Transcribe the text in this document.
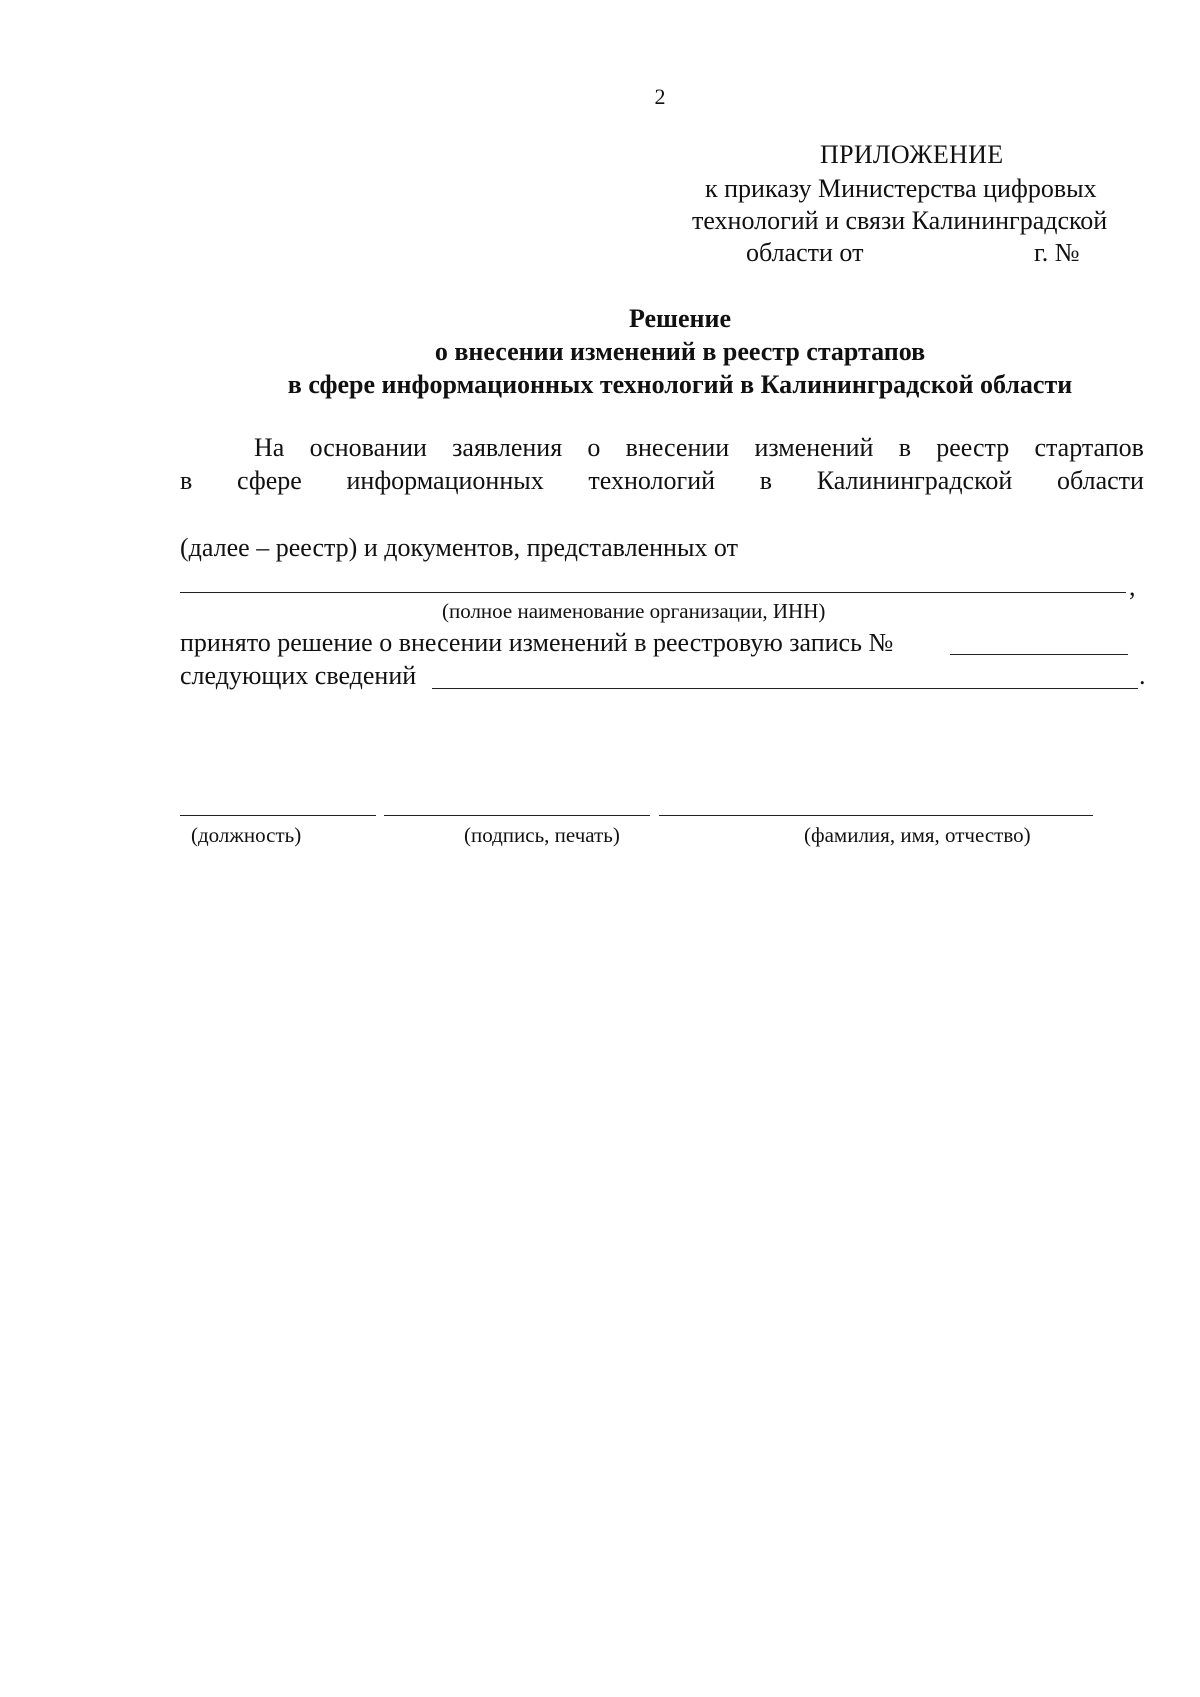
2
ПРИЛОЖЕНИЕ
к приказу Министерства цифровых
технологий и связи Калининградской
области от	г. №
Решение
о внесении изменений в реестр стартапов
в сфере информационных технологий в Калининградской области
На основании заявления о внесении изменений в реестр стартапов
в сфере информационных технологий в Калининградской области
(далее – реестр) и документов, представленных от
,
(полное наименование организации, ИНН)
принято решение о внесении изменений в реестровую запись №
следующих сведений	.
(должность)	(подпись, печать)	(фамилия, имя, отчество)
